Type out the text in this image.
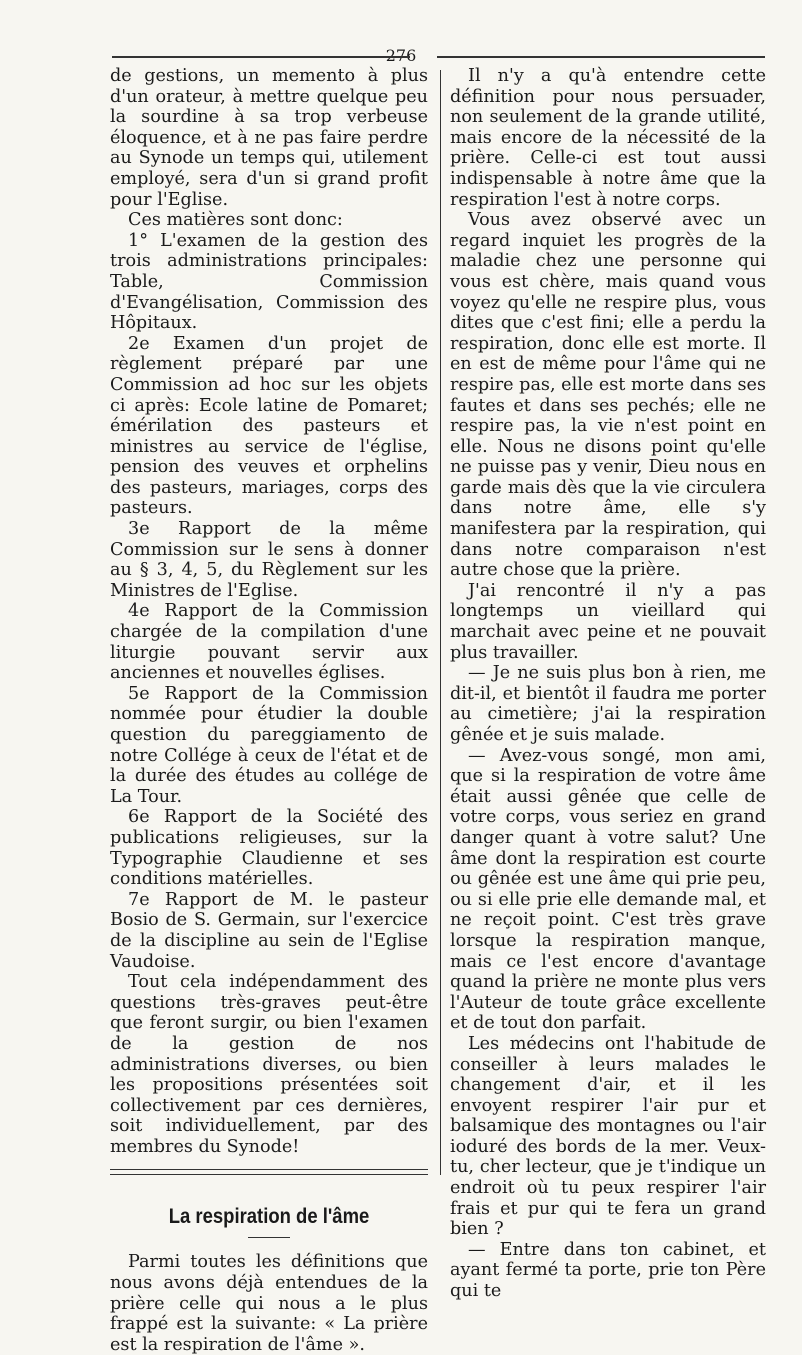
276

de gestions, un memento à plus d'un orateur, à mettre quelque peu la sourdine à sa trop verbeuse éloquence, et à ne pas faire perdre au Synode un temps qui, utilement employé, sera d'un si grand profit pour l'Eglise.

Ces matières sont donc:

1° L'examen de la gestion des trois administrations principales: Table, Commission d'Evangélisation, Commission des Hôpitaux.

2e Examen d'un projet de règlement préparé par une Commission ad hoc sur les objets ci après: Ecole latine de Pomaret; émérilation des pasteurs et ministres au service de l'église, pension des veuves et orphelins des pasteurs, mariages, corps des pasteurs.

3e Rapport de la même Commission sur le sens à donner au § 3, 4, 5, du Règlement sur les Ministres de l'Eglise.

4e Rapport de la Commission chargée de la compilation d'une liturgie pouvant servir aux anciennes et nouvelles églises.

5e Rapport de la Commission nommée pour étudier la double question du pareggiamento de notre Collége à ceux de l'état et de la durée des études au collége de La Tour.

6e Rapport de la Société des publications religieuses, sur la Typographie Claudienne et ses conditions matérielles.

7e Rapport de M. le pasteur Bosio de S. Germain, sur l'exercice de la discipline au sein de l'Eglise Vaudoise.

Tout cela indépendamment des questions très-graves peut-être que feront surgir, ou bien l'examen de la gestion de nos administrations diverses, ou bien les propositions présentées soit collectivement par ces dernières, soit individuellement, par des membres du Synode!

La respiration de l'âme

Parmi toutes les définitions que nous avons déjà entendues de la prière celle qui nous a le plus frappé est la suivante: « La prière est la respiration de l'âme ».

Il n'y a qu'à entendre cette définition pour nous persuader, non seulement de la grande utilité, mais encore de la nécessité de la prière. Celle-ci est tout aussi indispensable à notre âme que la respiration l'est à notre corps.

Vous avez observé avec un regard inquiet les progrès de la maladie chez une personne qui vous est chère, mais quand vous voyez qu'elle ne respire plus, vous dites que c'est fini; elle a perdu la respiration, donc elle est morte. Il en est de même pour l'âme qui ne respire pas, elle est morte dans ses fautes et dans ses pechés; elle ne respire pas, la vie n'est point en elle. Nous ne disons point qu'elle ne puisse pas y venir, Dieu nous en garde mais dès que la vie circulera dans notre âme, elle s'y manifestera par la respiration, qui dans notre comparaison n'est autre chose que la prière.

J'ai rencontré il n'y a pas longtemps un vieillard qui marchait avec peine et ne pouvait plus travailler.

— Je ne suis plus bon à rien, me dit-il, et bientôt il faudra me porter au cimetière; j'ai la respiration gênée et je suis malade.

— Avez-vous songé, mon ami, que si la respiration de votre âme était aussi gênée que celle de votre corps, vous seriez en grand danger quant à votre salut? Une âme dont la respiration est courte ou gênée est une âme qui prie peu, ou si elle prie elle demande mal, et ne reçoit point. C'est très grave lorsque la respiration manque, mais ce l'est encore d'avantage quand la prière ne monte plus vers l'Auteur de toute grâce excellente et de tout don parfait.

Les médecins ont l'habitude de conseiller à leurs malades le changement d'air, et il les envoyent respirer l'air pur et balsamique des montagnes ou l'air ioduré des bords de la mer. Veux-tu, cher lecteur, que je t'indique un endroit où tu peux respirer l'air frais et pur qui te fera un grand bien ?

— Entre dans ton cabinet, et ayant fermé ta porte, prie ton Père qui te
